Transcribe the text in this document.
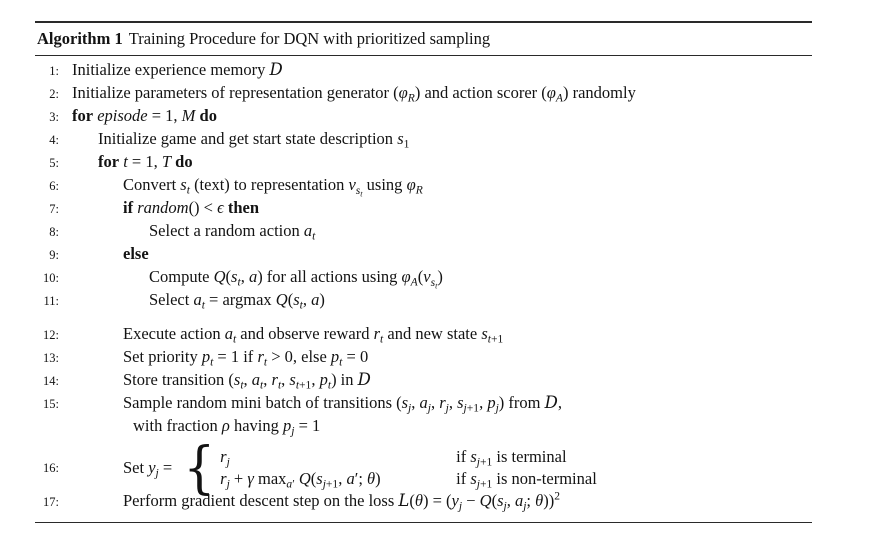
Algorithm 1 Training Procedure for DQN with prioritized sampling
1: Initialize experience memory D
2: Initialize parameters of representation generator $(\varphi_R)$ and action scorer $(\varphi_A)$ randomly
3: for episode = 1, M do
4:	Initialize game and get start state description $s_1$
5:	for t = 1, T do
6:	Convert $s_t$ (text) to representation $v_{s_t}$ using $\varphi_R$
7:	if random() < ϵ then
8:	Select a random action $a_t$
9:	else
10:	Compute $Q(s_t$, a) for all actions using $\varphi_A(v_{s_t})$
11:	Select $a_t = argmax$ $Q(s_t$, a)
12:	Execute action $a_t$ and observe reward $r_t$ and new state $s_{t+1}$
13:	Set priority $p_t = 1$ if $r_t > 0$, else $p_t = 0$
14:	Store transition ($s_t$, $a_t$, $r_t$, $s_{t+1}$, $p_t$) in D
15:	Sample random mini batch of transitions ($s_j$, $a_j$, $r_j$, $s_{j+1}$, $p_j$) from D,
with fraction ρ having $p_j = 1$
16:	Set $y_j$ = { $r_j$	if $s_{j+1}$ is terminal
$r_j + \gamma$ $\max_{a'} Q(s_{j+1}$, a′; θ)	if $s_{j+1}$ is non-terminal
17:	Perform gradient descent step on the loss $L(\theta) = (y_j - Q(s_j$, $a_j$; θ))$^2$
